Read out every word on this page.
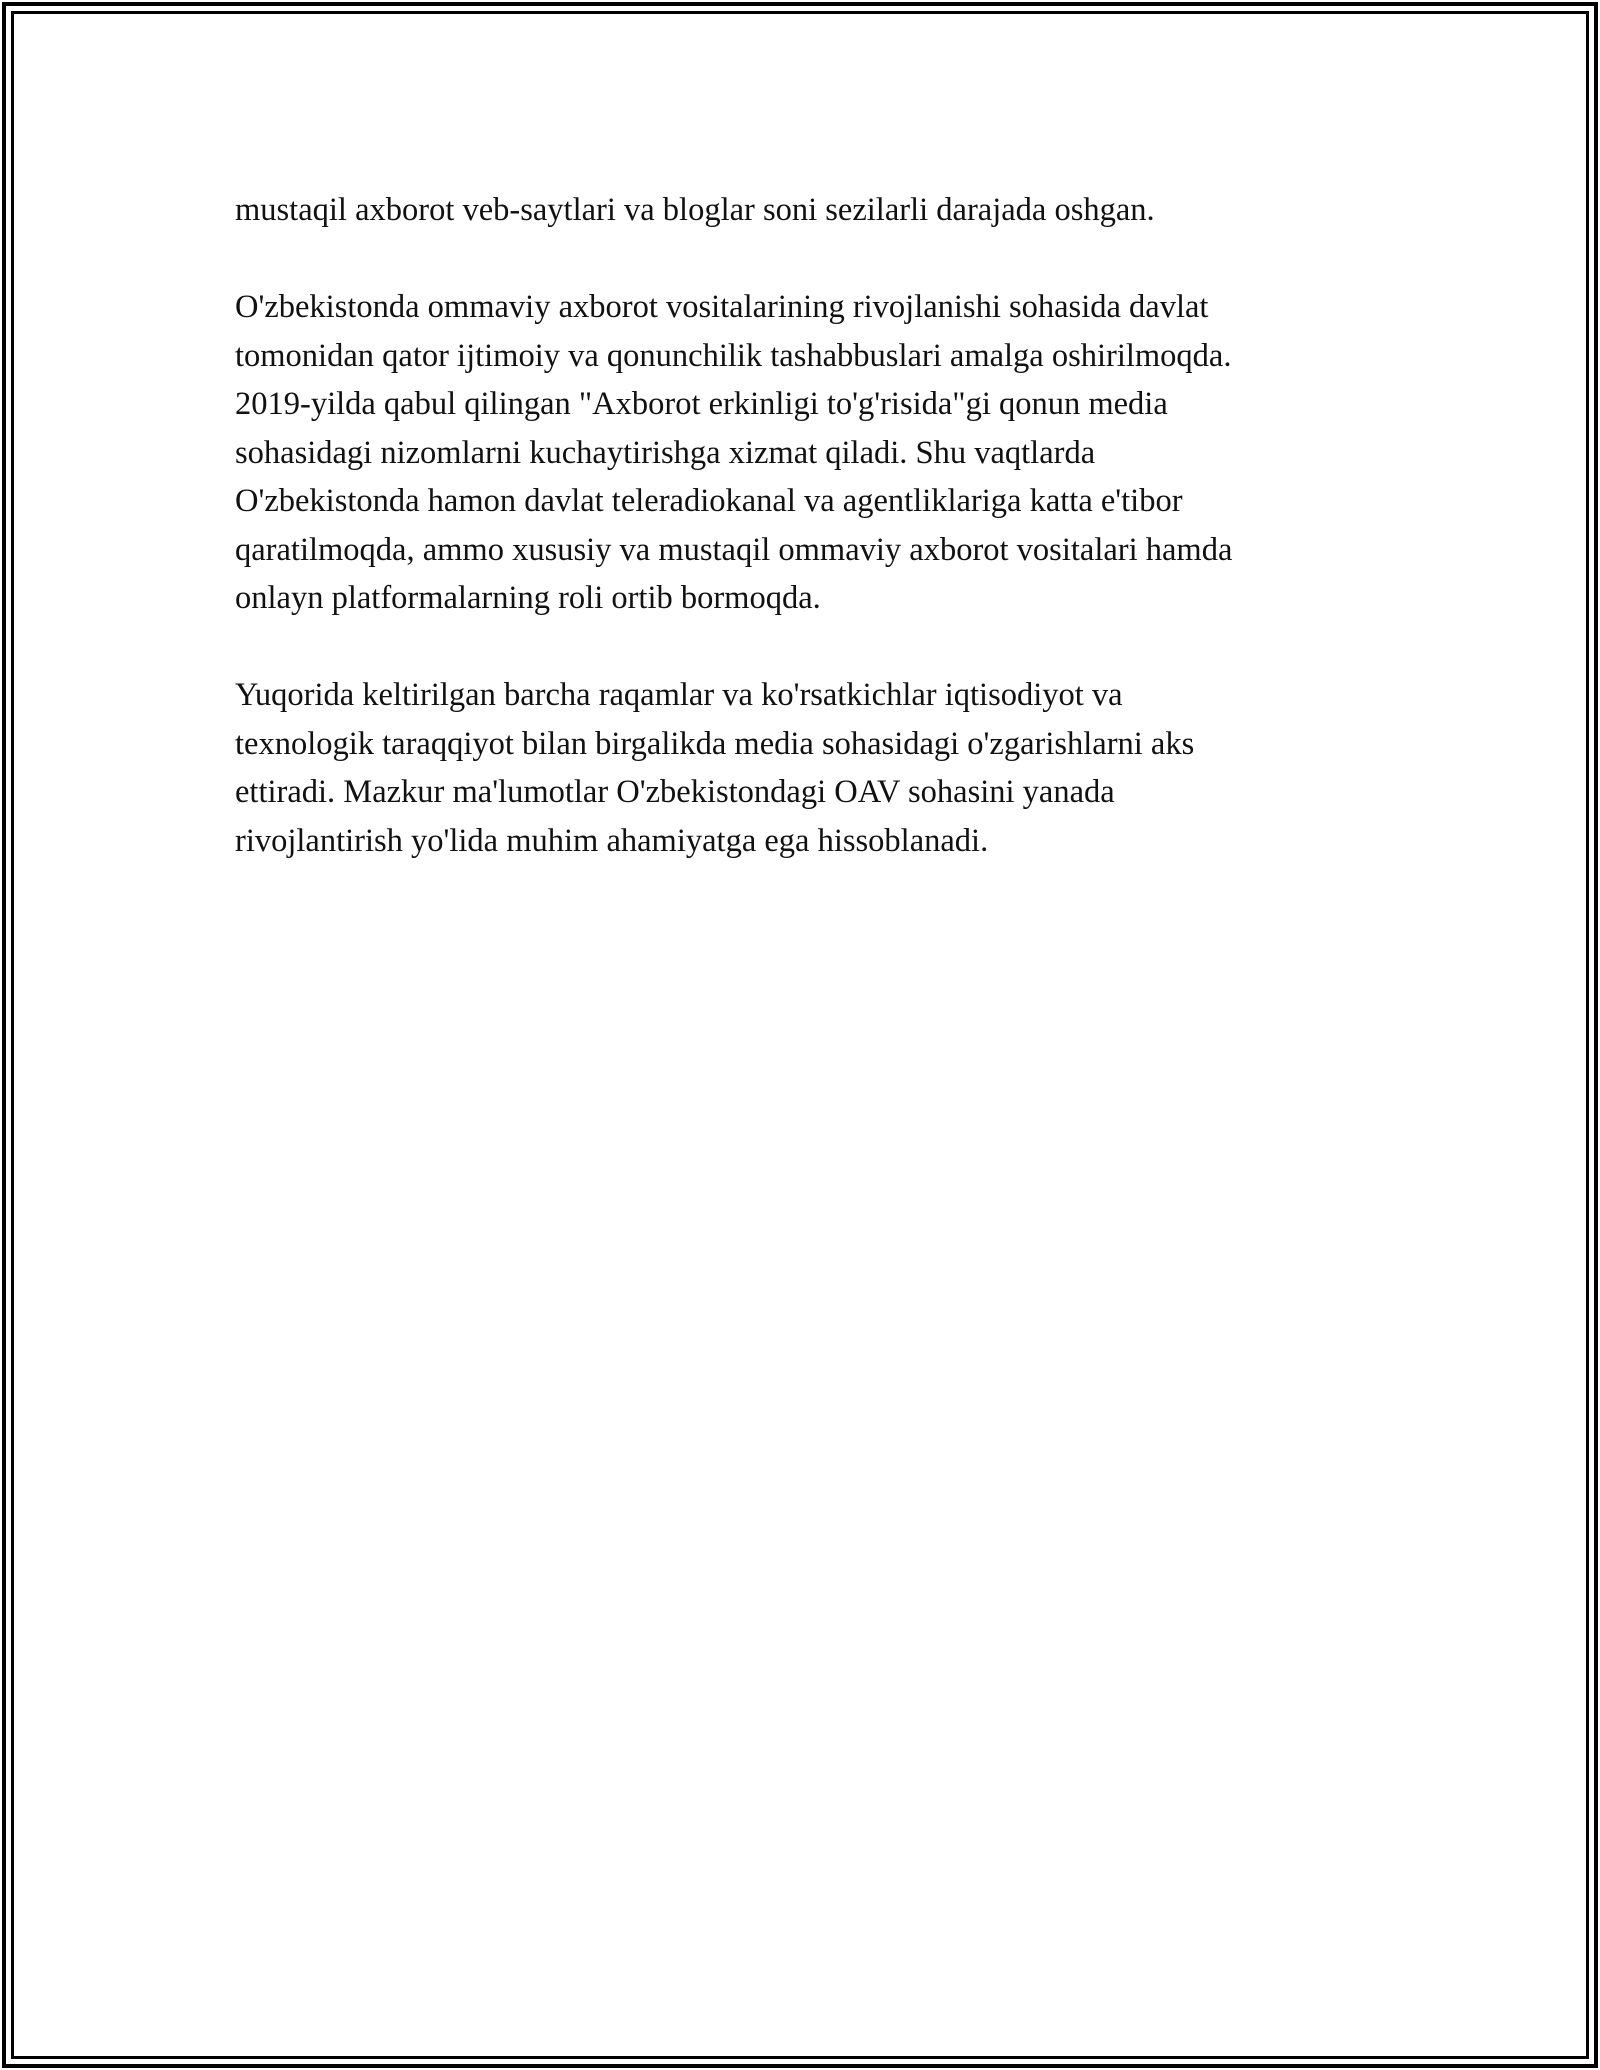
mustaqil axborot veb-saytlari va bloglar soni sezilarli darajada oshgan.

O'zbekistonda ommaviy axborot vositalarining rivojlanishi sohasida davlat
tomonidan qator ijtimoiy va qonunchilik tashabbuslari amalga oshirilmoqda.
2019-yilda qabul qilingan "Axborot erkinligi to'g'risida"gi qonun media
sohasidagi nizomlarni kuchaytirishga xizmat qiladi. Shu vaqtlarda
O'zbekistonda hamon davlat teleradiokanal va agentliklariga katta e'tibor
qaratilmoqda, ammo xususiy va mustaqil ommaviy axborot vositalari hamda
onlayn platformalarning roli ortib bormoqda.

Yuqorida keltirilgan barcha raqamlar va ko'rsatkichlar iqtisodiyot va
texnologik taraqqiyot bilan birgalikda media sohasidagi o'zgarishlarni aks
ettiradi. Mazkur ma'lumotlar O'zbekistondagi OAV sohasini yanada
rivojlantirish yo'lida muhim ahamiyatga ega hissoblanadi.
